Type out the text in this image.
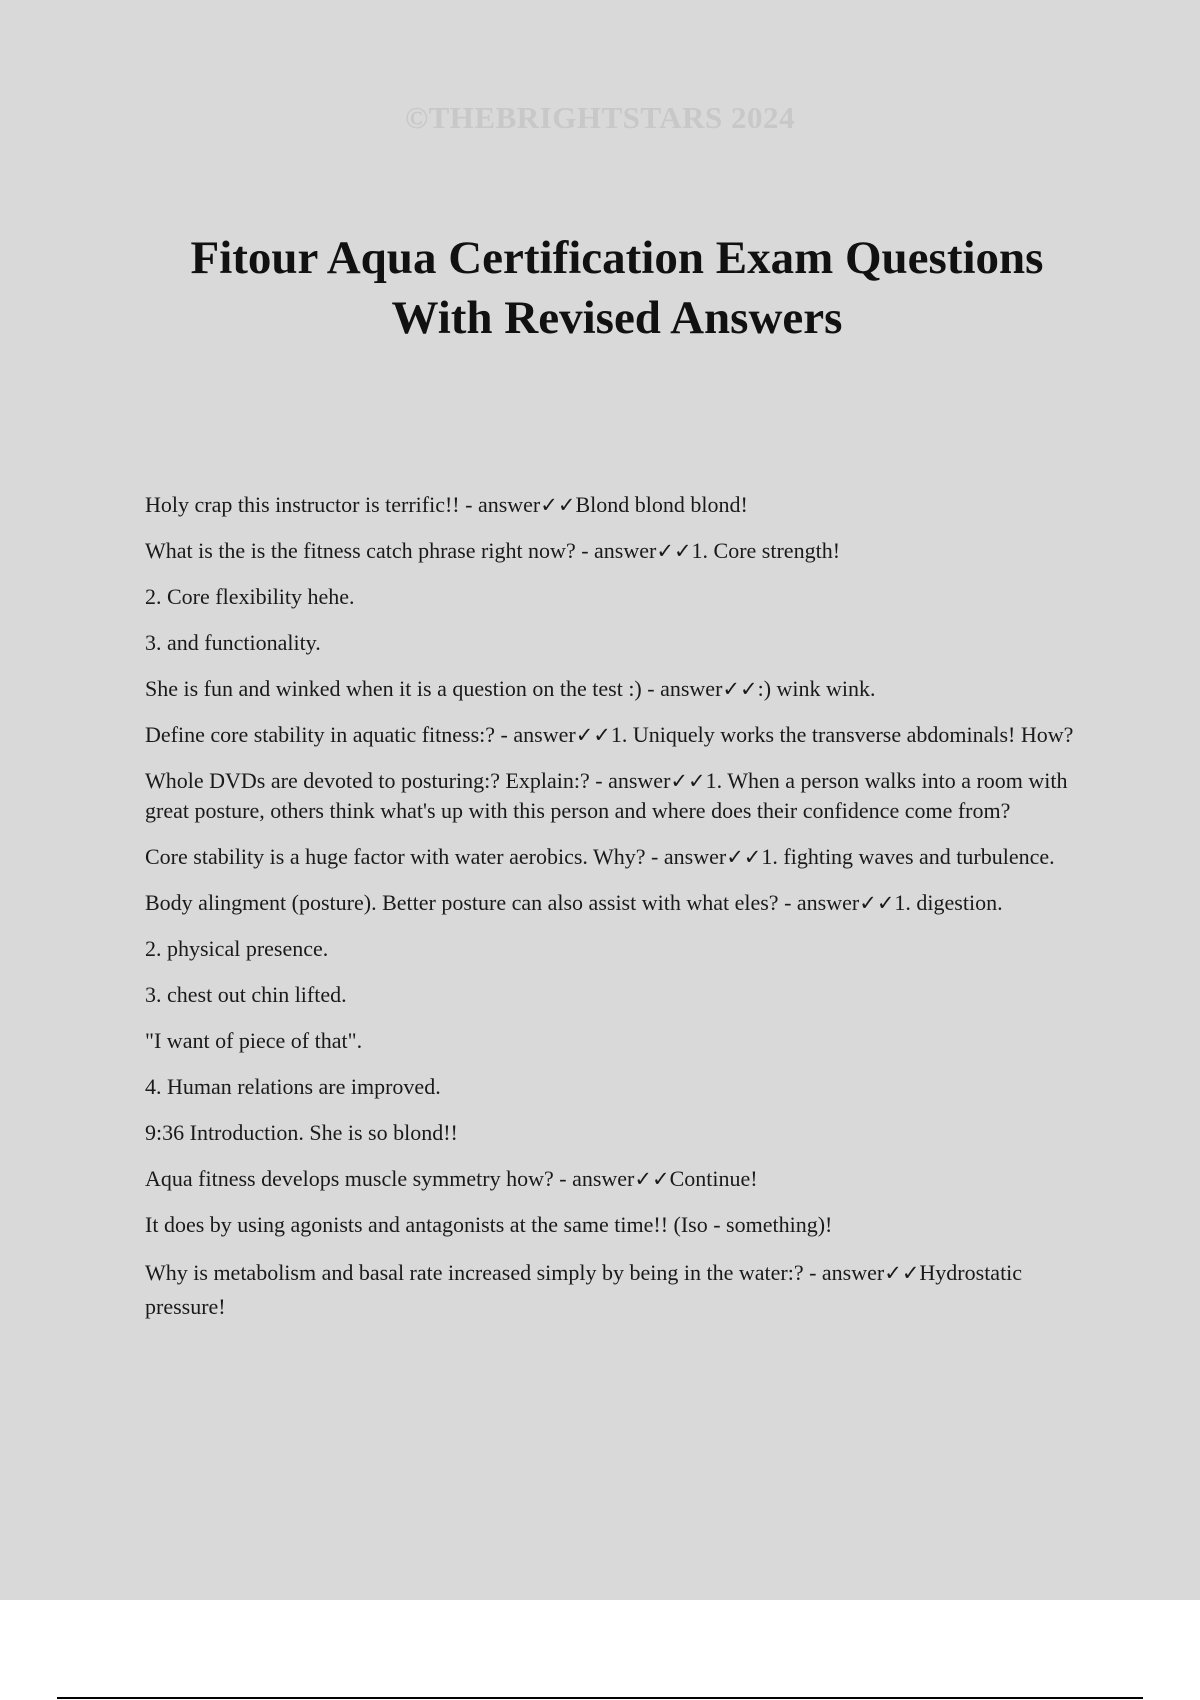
©THEBRIGHTSTARS 2024
Fitour Aqua Certification Exam Questions
With Revised Answers

Holy crap this instructor is terrific!! - answer✓✓Blond blond blond!

What is the is the fitness catch phrase right now? - answer✓✓1. Core strength!

2. Core flexibility hehe.

3. and functionality.

She is fun and winked when it is a question on the test :) - answer✓✓:) wink wink.

Define core stability in aquatic fitness:? - answer✓✓1. Uniquely works the transverse abdominals! How?

Whole DVDs are devoted to posturing:? Explain:? - answer✓✓1. When a person walks into a room with great posture, others think what's up with this person and where does their confidence come from?

Core stability is a huge factor with water aerobics. Why? - answer✓✓1. fighting waves and turbulence.

Body alingment (posture). Better posture can also assist with what eles? - answer✓✓1. digestion.

2. physical presence.

3. chest out chin lifted.

"I want of piece of that".

4. Human relations are improved.

9:36 Introduction. She is so blond!!

Aqua fitness develops muscle symmetry how? - answer✓✓Continue!

It does by using agonists and antagonists at the same time!! (Iso - something)!

Why is metabolism and basal rate increased simply by being in the water:? - answer✓✓Hydrostatic pressure!
